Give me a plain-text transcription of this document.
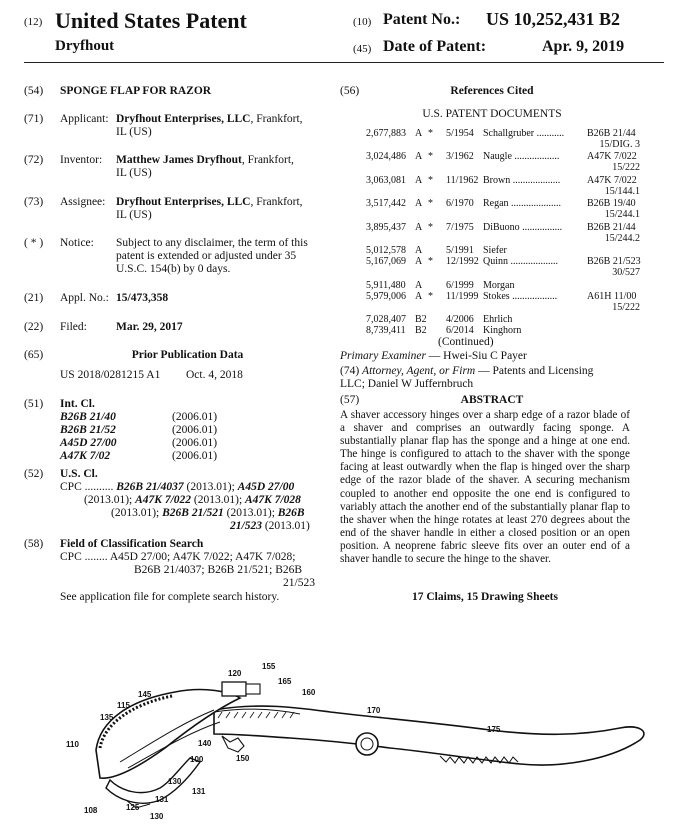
(12) United States Patent
Dryfhout
(10) Patent No.: US 10,252,431 B2
(45) Date of Patent:	Apr. 9, 2019
(54) SPONGE FLAP FOR RAZOR
(71) Applicant: Dryfhout Enterprises, LLC, Frankfort,
IL (US)
(72) Inventor: Matthew James Dryfhout, Frankfort,
IL (US)
(73) Assignee: Dryfhout Enterprises, LLC, Frankfort,
IL (US)
( * ) Notice: Subject to any disclaimer, the term of this
patent is extended or adjusted under 35
U.S.C. 154(b) by 0 days.
(21) Appl. No.: 15/473,358
(22) Filed:	Mar. 29, 2017
(65)	Prior Publication Data
US 2018/0281215 A1 Oct. 4, 2018
(51) Int. Cl.
B26B 21/40	(2006.01)
B26B 21/52	(2006.01)
A45D 27/00	(2006.01)
A47K 7/02	(2006.01)
(52) U.S. Cl.
CPC .......... B26B 21/4037 (2013.01); A45D 27/00
(2013.01); A47K 7/022 (2013.01); A47K 7/028
(2013.01); B26B 21/521 (2013.01); B26B
21/523 (2013.01)
(58) Field of Classification Search
CPC ........ A45D 27/00; A47K 7/022; A47K 7/028;
B26B 21/4037; B26B 21/521; B26B
21/523
See application file for complete search history.
(56)	References Cited
U.S. PATENT DOCUMENTS
2,677,883 A * 5/1954 Schallgruber ........... B26B 21/44
15/DIG. 3
3,024,486 A * 3/1962 Naugle ..................	A47K 7/022
15/222
3,063,081 A * 11/1962 Brown ...................	A47K 7/022
15/144.1
3,517,442 A * 6/1970 Regan ....................	B26B 19/40
15/244.1
3,895,437 A * 7/1975 DiBuono ................ B26B 21/44
15/244.2
5,012,578 A 5/1991 Siefer
5,167,069 A * 12/1992 Quinn ...................	B26B 21/523
30/527
5,911,480 A 6/1999 Morgan
5,979,006 A * 11/1999 Stokes ..................	A61H 11/00
15/222
7,028,407 B2 4/2006 Ehrlich
8,739,411 B2 6/2014 Kinghorn
(Continued)
Primary Examiner — Hwei-Siu C Payer
(74) Attorney, Agent, or Firm — Patents and Licensing
LLC; Daniel W Juffernbruch
(57)	ABSTRACT
A shaver accessory hinges over a sharp edge of a razor blade of a shaver and comprises an outwardly facing sponge. A substantially planar flap has the sponge and a hinge at one end. The hinge is configured to attach to the shaver with the sponge facing at least outwardly when the flap is hinged over the sharp edge of the razor blade of the shaver. A securing mechanism coupled to another end opposite the one end is configured to variably attach the another end of the substantially planar flap to the shaver when the hinge rotates at least 270 degrees about the end of the shaver handle in either a closed position or an open position. A neoprene fabric sleeve fits over an outer end of a shaver handle to secure the hinge to the shaver.
17 Claims, 15 Drawing Sheets
120
155
165
160
145
115
135
170
140
175
110
100	150
130
131
131
108	125
130
